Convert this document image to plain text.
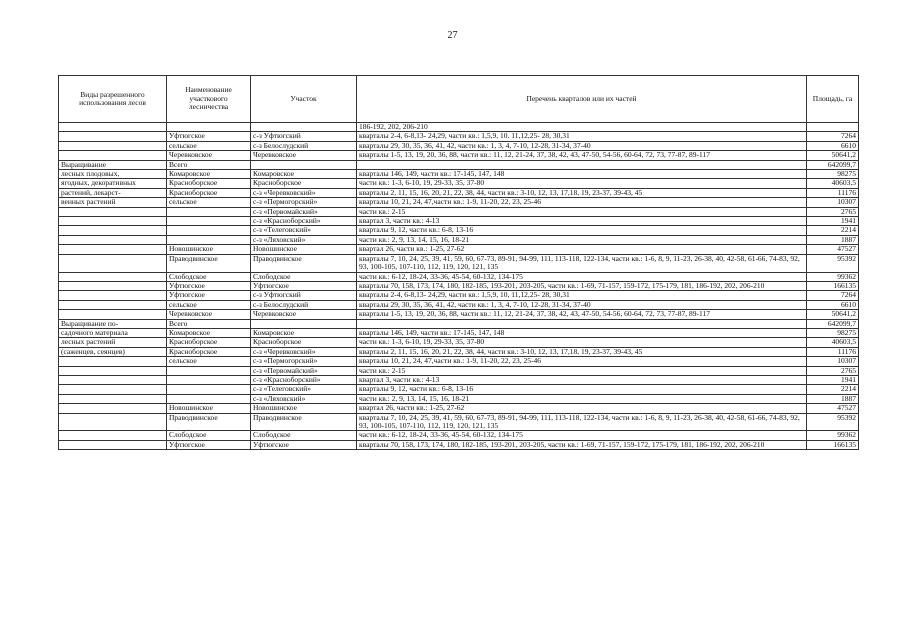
27
Виды разрешенного использования лесов	Наименование участкового лесничества	Участок	Перечень кварталов или их частей	Площадь, га
			186-192, 202, 206-210	
	Уфтюгское	с-з Уфтюгский	кварталы 2-4, 6-8,13- 24,29, части кв.: 1,5,9, 10. 11,12,25- 28, 30,31	7264
	сельское	с-з Белослудский	кварталы 29, 30, 35, 36, 41, 42, части кв.: 1, 3, 4, 7-10, 12-28, 31-34, 37-40	6610
	Черевковское	Черевковское	кварталы 1-5, 13, 19, 20, 36, 88, части кв.: 11, 12, 21-24, 37, 38, 42, 43, 47-50, 54-56, 60-64, 72, 73, 77-87, 89-117	50641,2
Выращивание	Всего			642099,7
лесных плодовых,	Комаровское	Комаровское	кварталы 146, 149, части кв.: 17-145, 147, 148	98275
ягодных, декоративных	Красноборское	Красноборское	части кв.: 1-3, 6-10, 19, 29-33, 35, 37-80	40603,5
растений, лекарст-	Красноборское	с-з «Черевковский»	кварталы 2, 11, 15, 16, 20, 21, 22, 38, 44, части кв.: 3-10, 12, 13, 17,18, 19, 23-37, 39-43, 45	11176
венных растений	сельское	с-з «Пермогорский»	кварталы 10, 21, 24, 47,части кв.: 1-9, 11-20, 22, 23, 25-46	10307
		с-з «Первомайский»	части кв.: 2-15	2765
		с-з «Красноборский»	квартал 3, части кв.: 4-13	1941
		с-з «Телеговский»	кварталы 9, 12, части кв.: 6-8, 13-16	2214
		с-з «Ляховский»	части кв.: 2, 9, 13, 14, 15, 16, 18-21	1887
	Новошинское	Новошинское	квартал 26, части кв.: 1-25, 27-62	47527
	Праводвинское	Праводвинское	кварталы 7, 10, 24, 25, 39, 41, 59, 60, 67-73, 89-91, 94-99, 111, 113-118, 122-134, части кв.: 1-6, 8, 9, 11-23, 26-38, 40, 42-58, 61-66, 74-83, 92, 93, 100-105, 107-110, 112, 119, 120, 121, 135	95392
	Слободское	Слободское	части кв.: 6-12, 18-24, 33-36, 45-54, 60-132, 134-175	99362
	Уфтюгское	Уфтюгское	кварталы 70, 158, 173, 174, 180, 182-185, 193-201, 203-205, части кв.: 1-69, 71-157, 159-172, 175-179, 181, 186-192, 202, 206-210	166135
	Уфтюгское	с-з Уфтюгский	кварталы 2-4, 6-8,13- 24,29, части кв.: 1,5,9, 10, 11,12,25- 28, 30,31	7264
	сельское	с-з Белослудский	кварталы 29, 30, 35, 36, 41, 42, части кв.: 1, 3, 4, 7-10, 12-28, 31-34, 37-40	6610
	Черевковское	Черевковское	кварталы 1-5, 13, 19, 20, 36, 88, части кв.: 11, 12, 21-24, 37, 38, 42, 43, 47-50, 54-56, 60-64, 72, 73, 77-87, 89-117	50641,2
Выращивание по-	Всего			642099,7
садочного материала	Комаровское	Комаровское	кварталы 146, 149, части кв.: 17-145, 147, 148	98275
лесных растений	Красноборское	Красноборское	части кв.: 1-3, 6-10, 19, 29-33, 35, 37-80	40603,5
(саженцев, сеянцев)	Красноборское	с-з «Черевковский»	кварталы 2, 11, 15, 16, 20, 21, 22, 38, 44, части кв.: 3-10, 12, 13, 17,18, 19, 23-37, 39-43, 45	11176
	сельское	с-з «Пермогорский»	кварталы 10, 21, 24, 47,части кв.: 1-9, 11-20, 22, 23, 25-46	10307
		с-з «Первомайский»	части кв.: 2-15	2765
		с-з «Красноборский»	квартал 3, части кв.: 4-13	1941
		с-з «Телеговский»	кварталы 9, 12, части кв.: 6-8, 13-16	2214
		с-з «Ляховский»	части кв.: 2, 9, 13, 14, 15, 16, 18-21	1887
	Новошинское	Новошинское	квартал 26, части кв.: 1-25, 27-62	47527
	Праводвинское	Праводвинское	кварталы 7, 10, 24, 25, 39, 41, 59, 60, 67-73, 89-91, 94-99, 111, 113-118, 122-134, части кв.: 1-6, 8, 9, 11-23, 26-38, 40, 42-58, 61-66, 74-83, 92, 93, 100-105, 107-110, 112, 119, 120, 121, 135	95392
	Слободское	Слободское	части кв.: 6-12, 18-24, 33-36, 45-54, 60-132, 134-175	99362
	Уфтюгское	Уфтюгское	кварталы 70, 158, 173, 174, 180, 182-185, 193-201, 203-205, части кв.: 1-69, 71-157, 159-172, 175-179, 181, 186-192, 202, 206-210	166135
